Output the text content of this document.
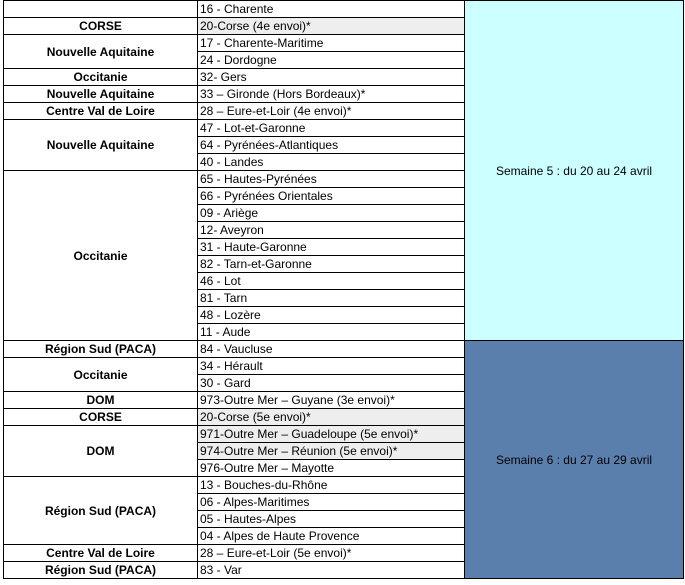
	16 - Charente	Semaine 5 : du 20 au 24 avril
CORSE	20-Corse (4e envoi)*	
Nouvelle Aquitaine	17 - Charente-Maritime	
	24 - Dordogne	
Occitanie	32- Gers	
Nouvelle Aquitaine	33 – Gironde (Hors Bordeaux)*	
Centre Val de Loire	28 – Eure-et-Loir (4e envoi)*	
Nouvelle Aquitaine	47 - Lot-et-Garonne	
	64 - Pyrénées-Atlantiques	
	40 - Landes	
Occitanie	65 - Hautes-Pyrénées	
	66 - Pyrénées Orientales	
	09 - Ariège	
	12- Aveyron	
	31 - Haute-Garonne	
	82 - Tarn-et-Garonne	
	46 - Lot	
	81 - Tarn	
	48 - Lozère	
	11 - Aude	
Région Sud (PACA)	84 - Vaucluse	Semaine 6 : du 27 au 29 avril
Occitanie	34 - Hérault	
	30 - Gard	
DOM	973-Outre Mer – Guyane (3e envoi)*	
CORSE	20-Corse (5e envoi)*	
DOM	971-Outre Mer – Guadeloupe (5e envoi)*	
	974-Outre Mer – Réunion (5e envoi)*	
	976-Outre Mer – Mayotte	
Région Sud (PACA)	13 - Bouches-du-Rhône	
	06 - Alpes-Maritimes	
	05 - Hautes-Alpes	
	04 - Alpes de Haute Provence	
Centre Val de Loire	28 – Eure-et-Loir (5e envoi)*	
Région Sud (PACA)	83 - Var	
